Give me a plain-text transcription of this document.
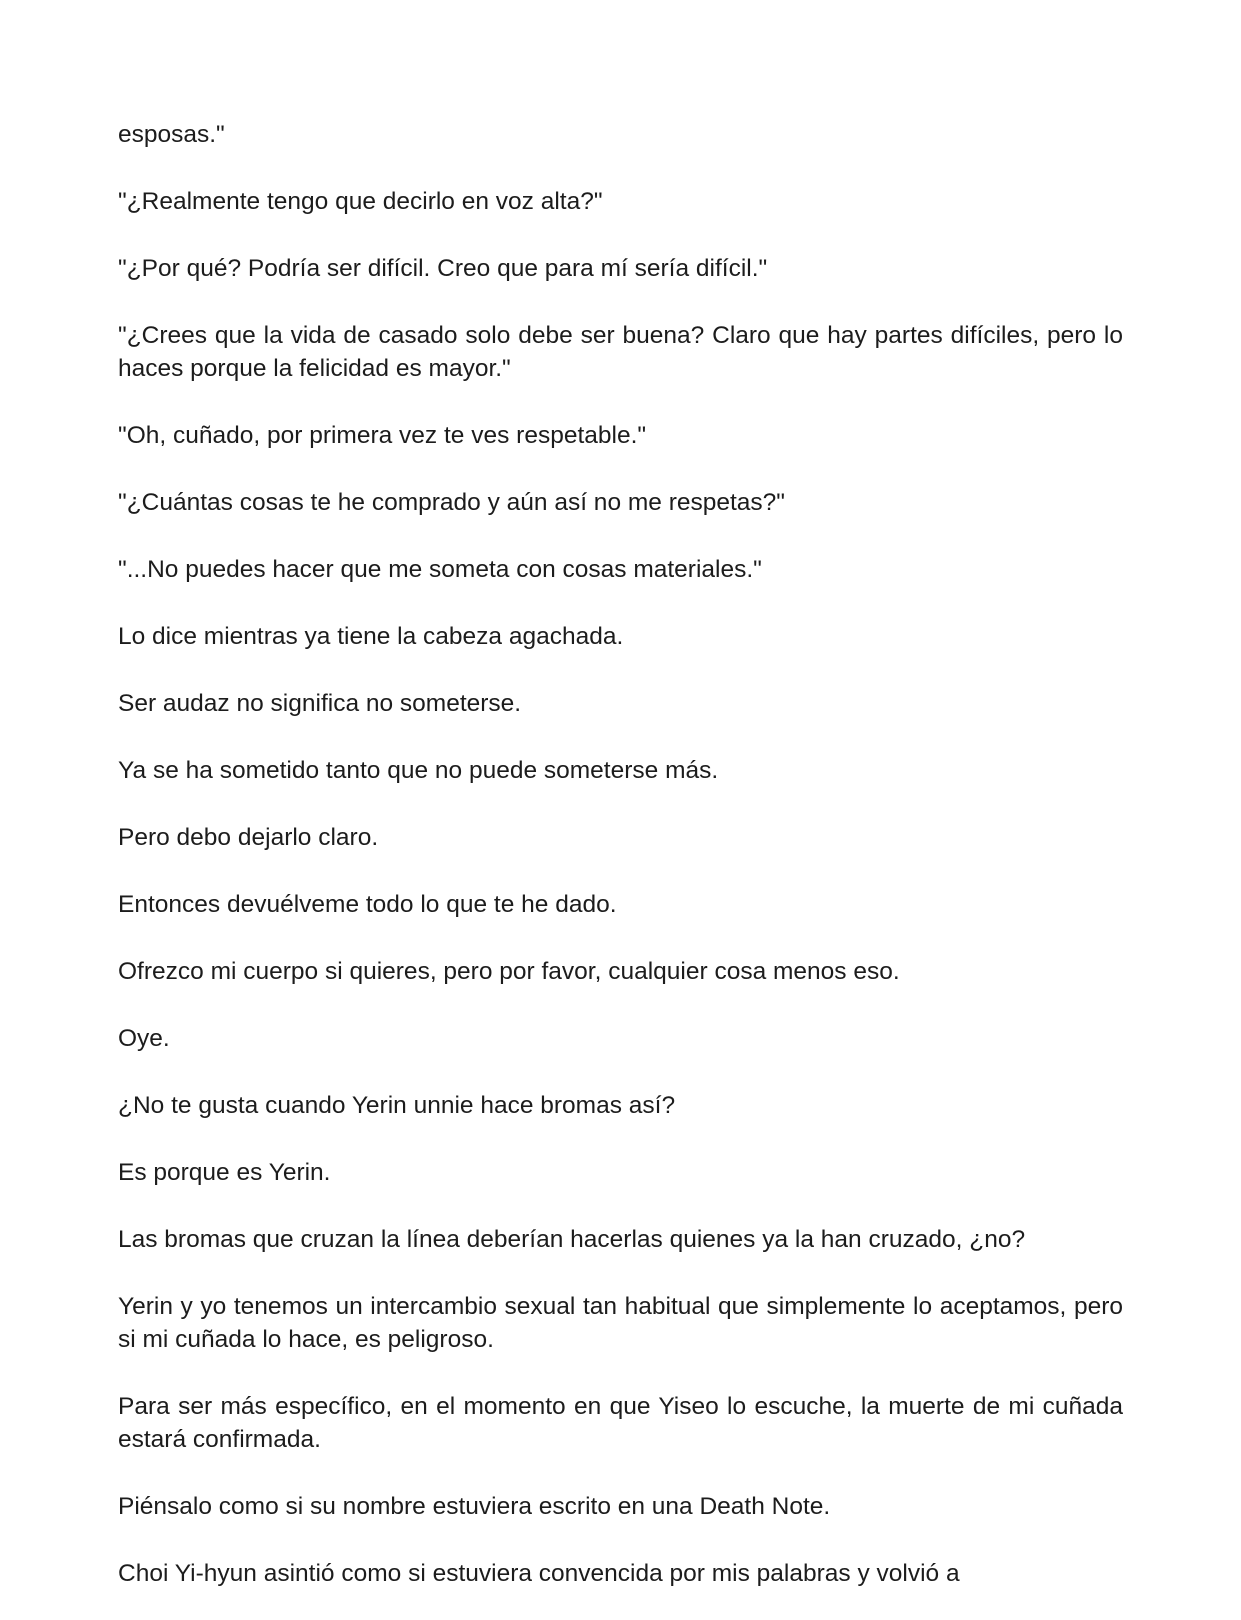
esposas."

"¿Realmente tengo que decirlo en voz alta?"

"¿Por qué? Podría ser difícil. Creo que para mí sería difícil."

"¿Crees que la vida de casado solo debe ser buena? Claro que hay partes difíciles, pero lo haces porque la felicidad es mayor."

"Oh, cuñado, por primera vez te ves respetable."

"¿Cuántas cosas te he comprado y aún así no me respetas?"

"...No puedes hacer que me someta con cosas materiales."

Lo dice mientras ya tiene la cabeza agachada.

Ser audaz no significa no someterse.

Ya se ha sometido tanto que no puede someterse más.

Pero debo dejarlo claro.

Entonces devuélveme todo lo que te he dado.

Ofrezco mi cuerpo si quieres, pero por favor, cualquier cosa menos eso.

Oye.

¿No te gusta cuando Yerin unnie hace bromas así?

Es porque es Yerin.

Las bromas que cruzan la línea deberían hacerlas quienes ya la han cruzado, ¿no?

Yerin y yo tenemos un intercambio sexual tan habitual que simplemente lo aceptamos, pero si mi cuñada lo hace, es peligroso.

Para ser más específico, en el momento en que Yiseo lo escuche, la muerte de mi cuñada estará confirmada.

Piénsalo como si su nombre estuviera escrito en una Death Note.

Choi Yi-hyun asintió como si estuviera convencida por mis palabras y volvió a
